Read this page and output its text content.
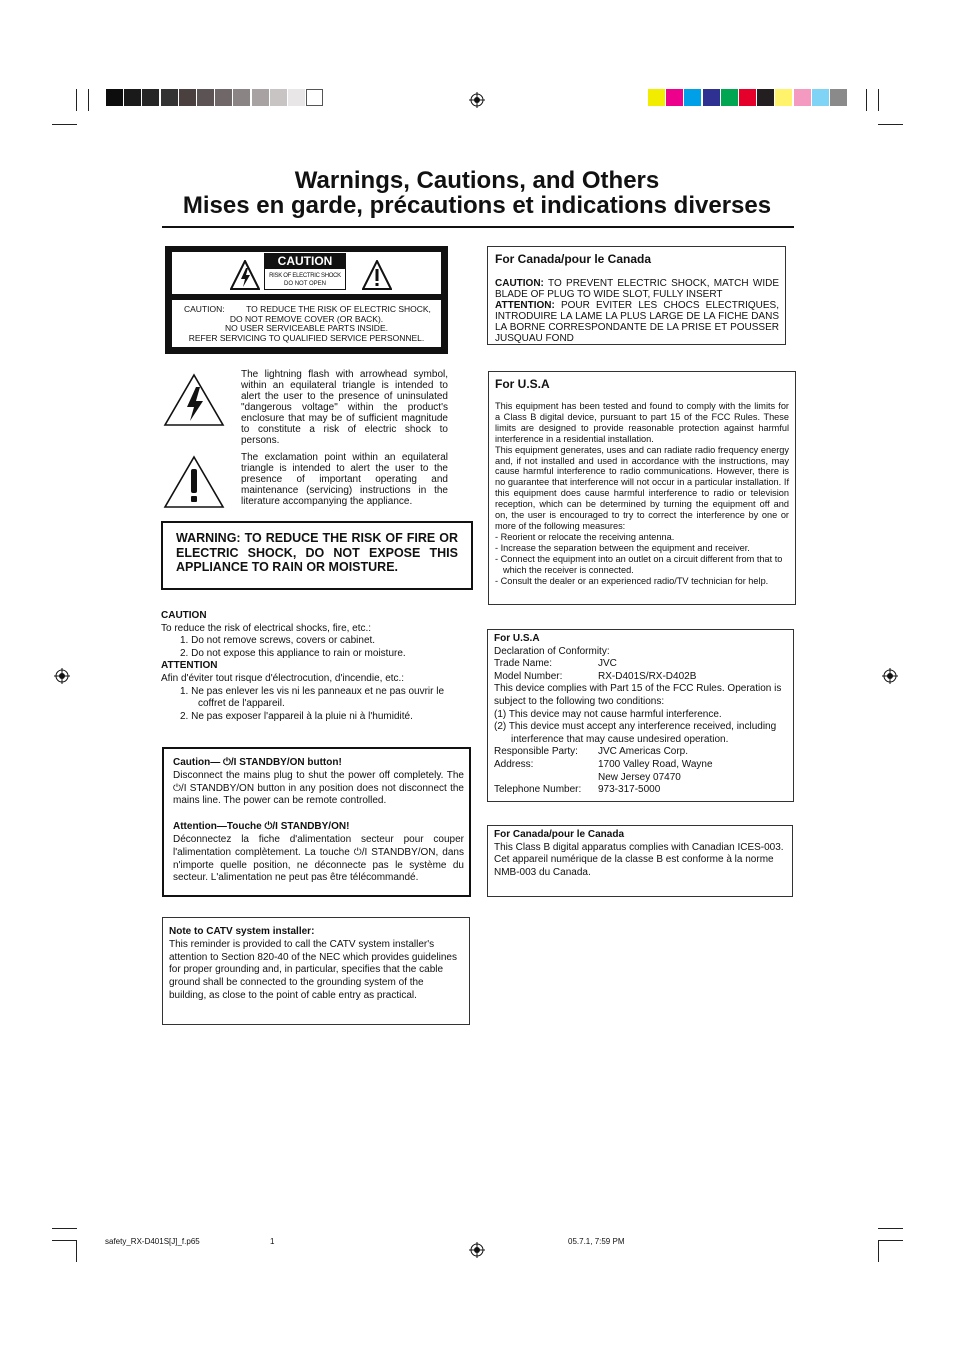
Warnings, Cautions, and Others
Mises en garde, précautions et indications diverses
CAUTION
RISK OF ELECTRIC SHOCK
DO NOT OPEN
CAUTION:	TO REDUCE THE RISK OF ELECTRIC SHOCK,
DO NOT REMOVE COVER (OR BACK).
NO USER SERVICEABLE PARTS INSIDE.
REFER SERVICING TO QUALIFIED SERVICE PERSONNEL.
The lightning flash with arrowhead symbol, within an equilateral triangle is intended to alert the user to the presence of uninsulated "dangerous voltage" within the product's enclosure that may be of sufficient magnitude to constitute a risk of electric shock to persons.
The exclamation point within an equilateral triangle is intended to alert the user to the presence of important operating and maintenance (servicing) instructions in the literature accompanying the appliance.
WARNING: TO REDUCE THE RISK OF FIRE OR ELECTRIC SHOCK, DO NOT EXPOSE THIS APPLIANCE TO RAIN OR MOISTURE.
CAUTION
To reduce the risk of electrical shocks, fire, etc.:
1. Do not remove screws, covers or cabinet.
2. Do not expose this appliance to rain or moisture.
ATTENTION
Afin d'éviter tout risque d'électrocution, d'incendie, etc.:
1. Ne pas enlever les vis ni les panneaux et ne pas ouvrir le coffret de l'appareil.
2. Ne pas exposer l'appareil à la pluie ni à l'humidité.
Caution— ⏻/I STANDBY/ON button!
Disconnect the mains plug to shut the power off completely. The ⏻/I STANDBY/ON button in any position does not disconnect the mains line. The power can be remote controlled.
Attention—Touche ⏻/I STANDBY/ON!
Déconnectez la fiche d'alimentation secteur pour couper l'alimentation complètement. La touche ⏻/I STANDBY/ON, dans n'importe quelle position, ne déconnecte pas le système du secteur. L'alimentation ne peut pas être télécommandé.
Note to CATV system installer:
This reminder is provided to call the CATV system installer's attention to Section 820-40 of the NEC which provides guidelines for proper grounding and, in particular, specifies that the cable ground shall be connected to the grounding system of the building, as close to the point of cable entry as practical.
For Canada/pour le Canada
CAUTION: TO PREVENT ELECTRIC SHOCK, MATCH WIDE BLADE OF PLUG TO WIDE SLOT, FULLY INSERT
ATTENTION: POUR EVITER LES CHOCS ELECTRIQUES, INTRODUIRE LA LAME LA PLUS LARGE DE LA FICHE DANS LA BORNE CORRESPONDANTE DE LA PRISE ET POUSSER JUSQUAU FOND
For U.S.A
This equipment has been tested and found to comply with the limits for a Class B digital device, pursuant to part 15 of the FCC Rules. These limits are designed to provide reasonable protection against harmful interference in a residential installation.
This equipment generates, uses and can radiate radio frequency energy and, if not installed and used in accordance with the instructions, may cause harmful interference to radio communications. However, there is no guarantee that interference will not occur in a particular installation. If this equipment does cause harmful interference to radio or television reception, which can be determined by turning the equipment off and on, the user is encouraged to try to correct the interference by one or more of the following measures:
- Reorient or relocate the receiving antenna.
- Increase the separation between the equipment and receiver.
- Connect the equipment into an outlet on a circuit different from that to which the receiver is connected.
- Consult the dealer or an experienced radio/TV technician for help.
For U.S.A
Declaration of Conformity:
Trade Name:	JVC
Model Number:	RX-D401S/RX-D402B
This device complies with Part 15 of the FCC Rules. Operation is subject to the following two conditions:
(1) This device may not cause harmful interference.
(2) This device must accept any interference received, including interference that may cause undesired operation.
Responsible Party:	JVC Americas Corp.
Address:	1700 Valley Road, Wayne
New Jersey 07470
Telephone Number:	973-317-5000
For Canada/pour le Canada
This Class B digital apparatus complies with Canadian ICES-003.
Cet appareil numérique de la classe B est conforme à la norme NMB-003 du Canada.
safety_RX-D401S[J]_f.p65	1	05.7.1, 7:59 PM
